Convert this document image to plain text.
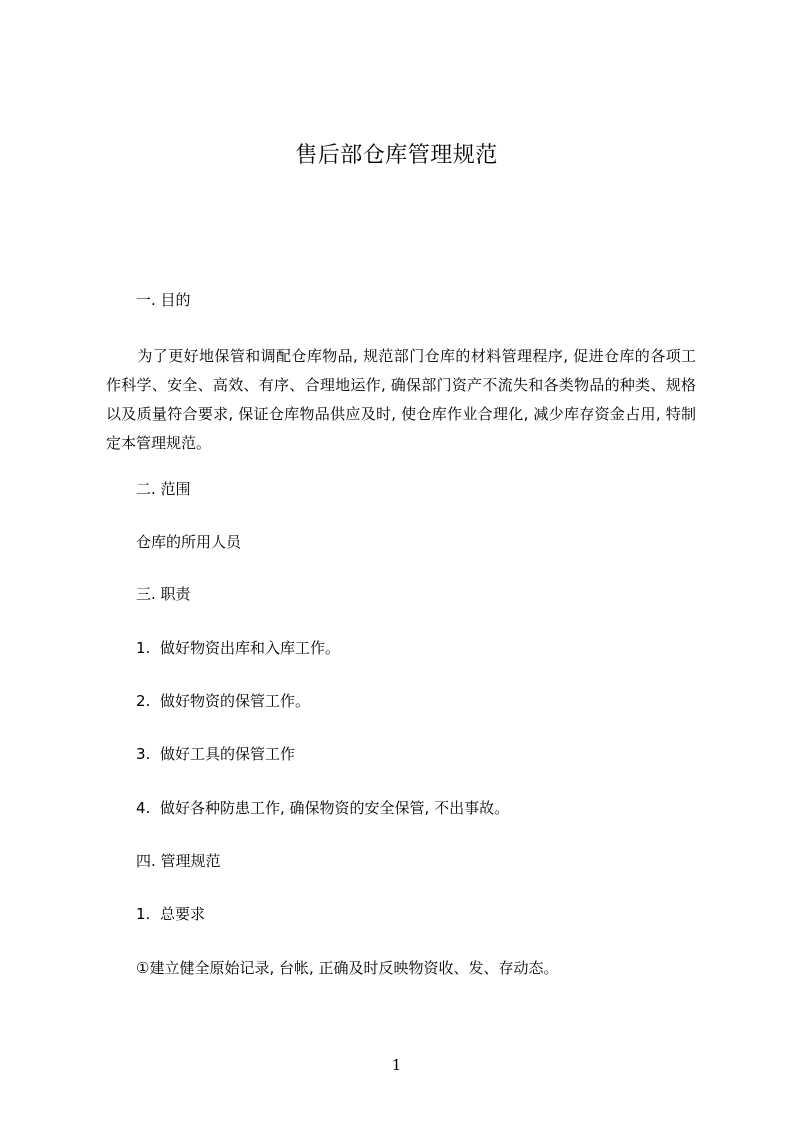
售后部仓库管理规范
一. 目的
为了更好地保管和调配仓库物品, 规范部门仓库的材料管理程序, 促进仓库的各项工作科学、安全、高效、有序、合理地运作, 确保部门资产不流失和各类物品的种类、规格以及质量符合要求, 保证仓库物品供应及时, 使仓库作业合理化, 减少库存资金占用, 特制定本管理规范。
二. 范围
仓库的所用人员
三. 职责
1. 做好物资出库和入库工作。
2. 做好物资的保管工作。
3. 做好工具的保管工作
4. 做好各种防患工作, 确保物资的安全保管, 不出事故。
四. 管理规范
1. 总要求
①建立健全原始记录, 台帐, 正确及时反映物资收、发、存动态。
1
